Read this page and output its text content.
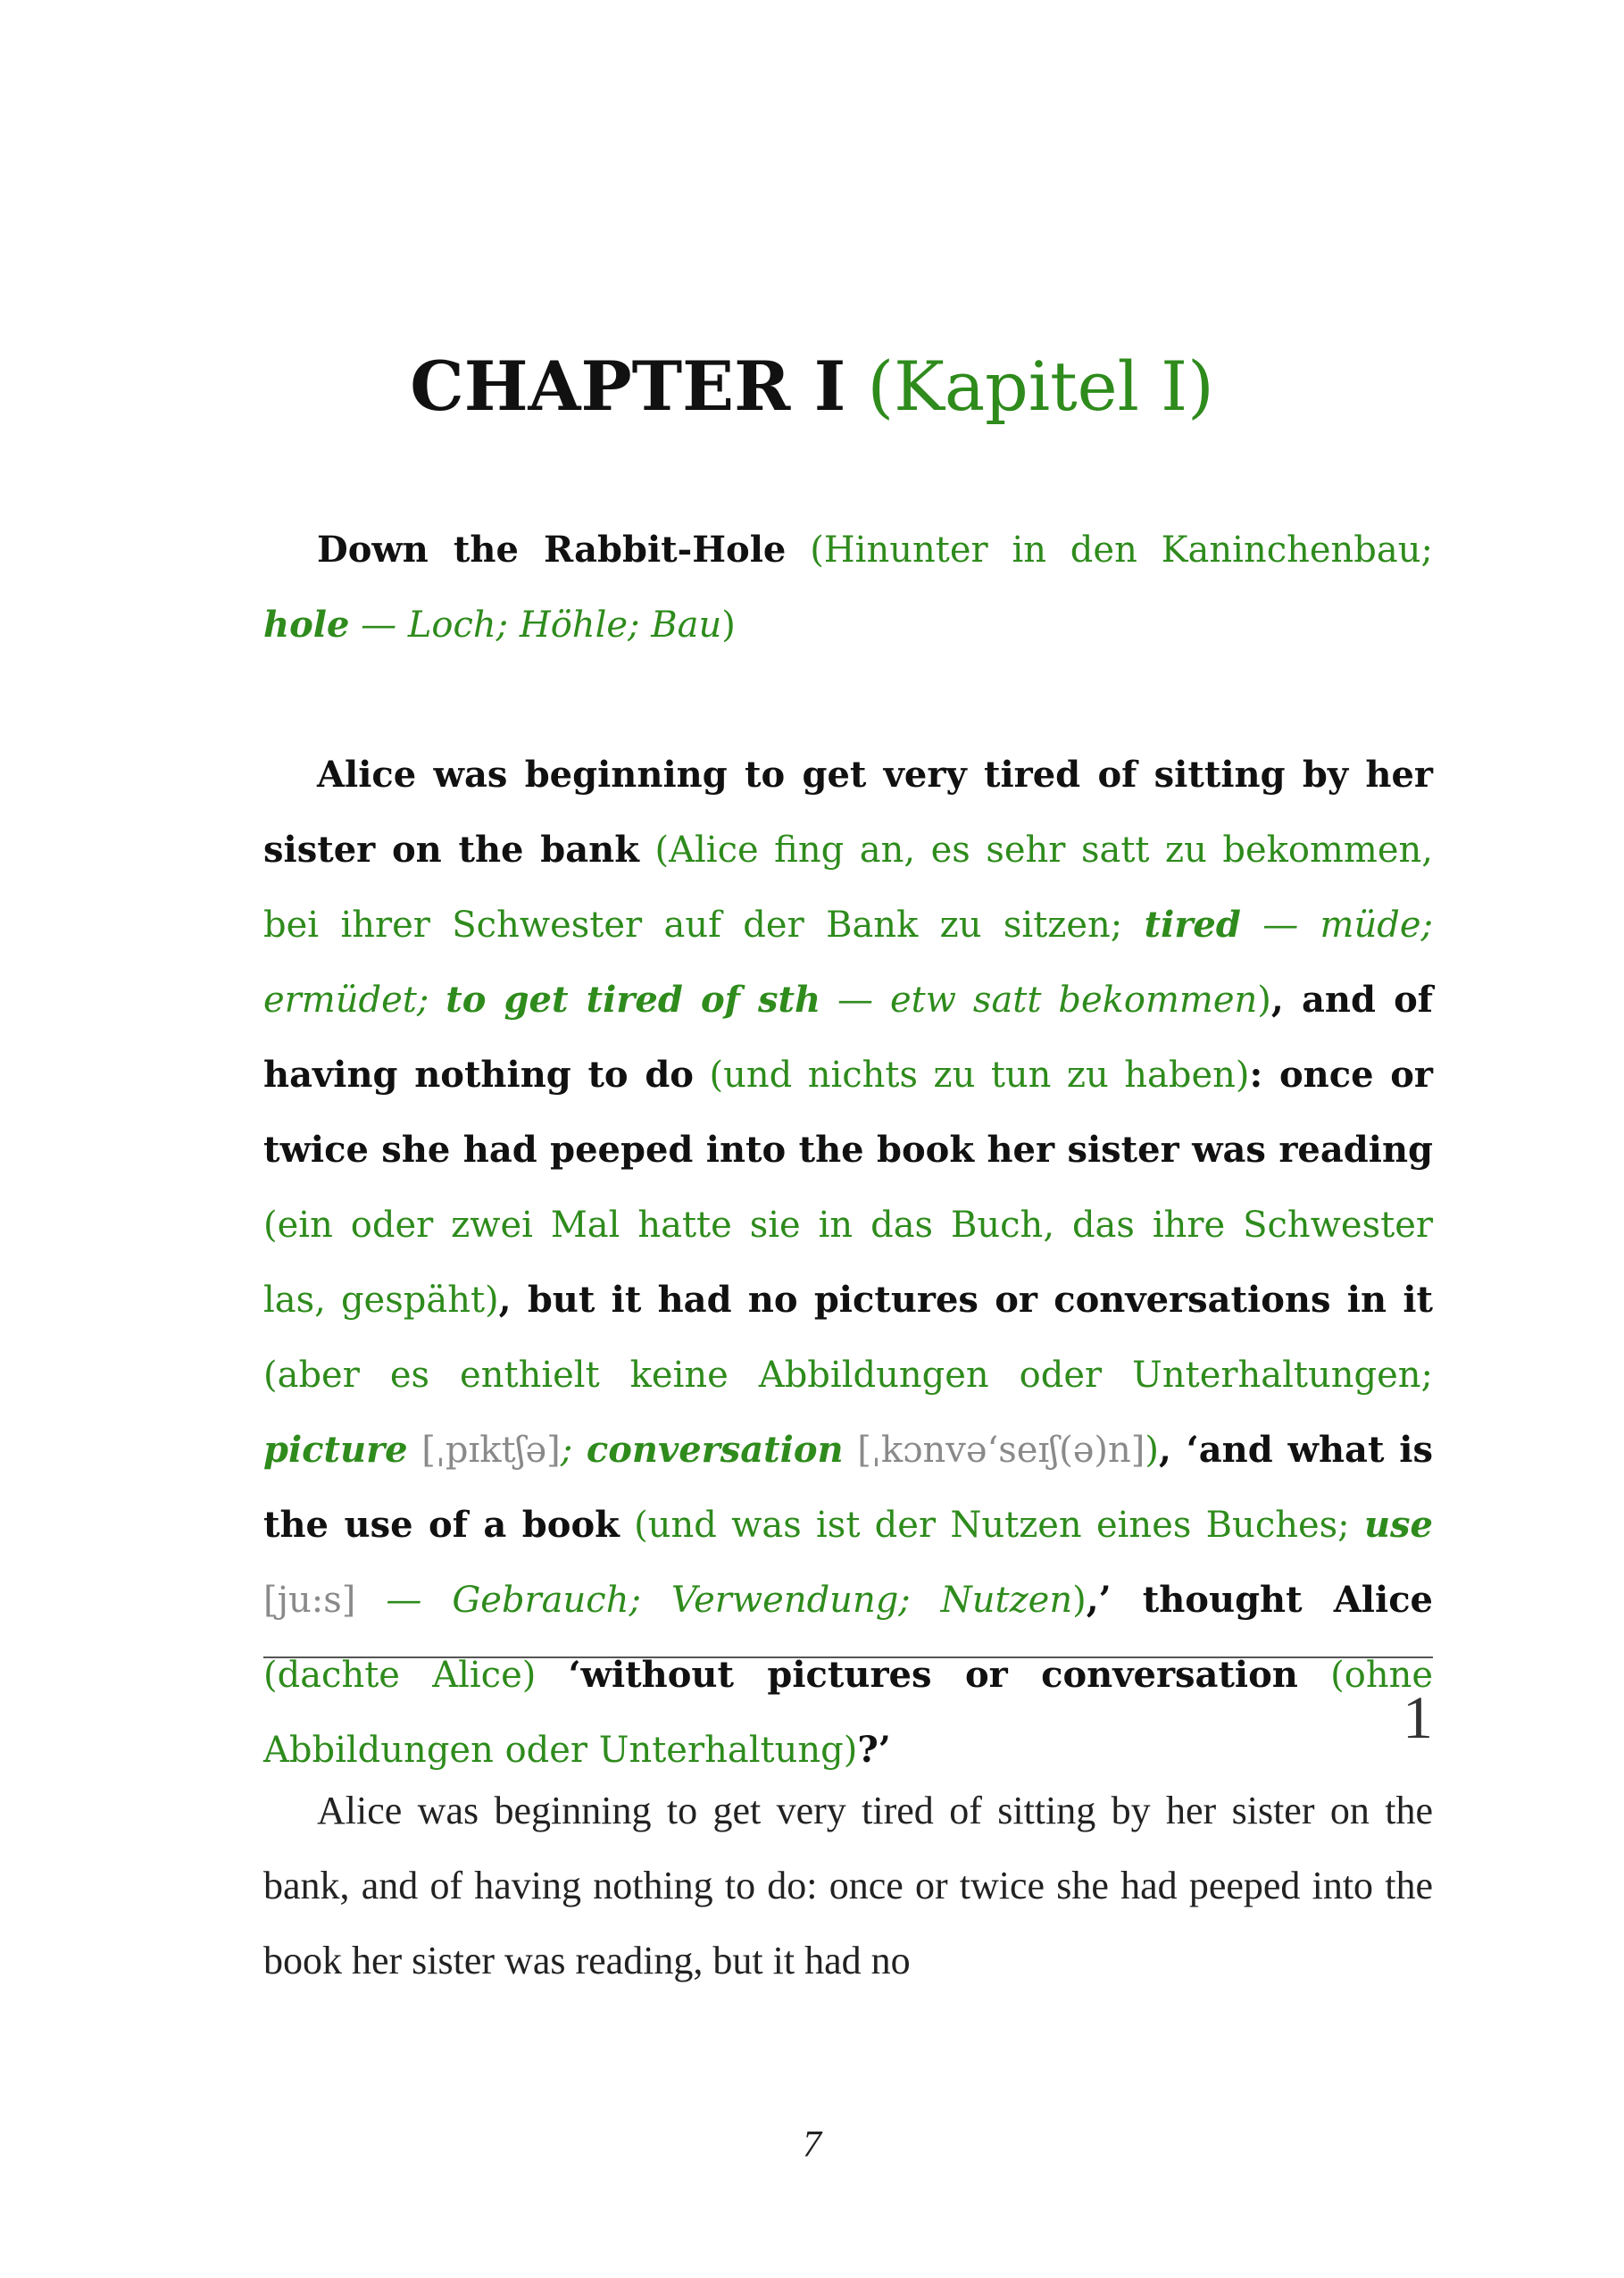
CHAPTER I (Kapitel I)
Down the Rabbit-Hole (Hinunter in den Kaninchenbau; hole — Loch; Höhle; Bau)
Alice was beginning to get very tired of sitting by her sister on the bank (Alice fing an, es sehr satt zu bekommen, bei ihrer Schwester auf der Bank zu sitzen; tired — müde; ermüdet; to get tired of sth — etw satt bekommen), and of having nothing to do (und nichts zu tun zu haben): once or twice she had peeped into the book her sister was reading (ein oder zwei Mal hatte sie in das Buch, das ihre Schwester las, gespäht), but it had no pictures or conversations in it (aber es enthielt keine Abbildungen oder Unterhaltungen; picture [ˌpɪktʃə]; conversation [ˌkɔnvə‘seɪʃ(ə)n]), ‘and what is the use of a book (und was ist der Nutzen eines Buches; use [ju:s] — Gebrauch; Verwendung; Nutzen),’ thought Alice (dachte Alice) ‘without pictures or conversation (ohne Abbildungen oder Unterhaltung)?’	1
Alice was beginning to get very tired of sitting by her sister on the bank, and of having nothing to do: once or twice she had peeped into the book her sister was reading, but it had no
7
